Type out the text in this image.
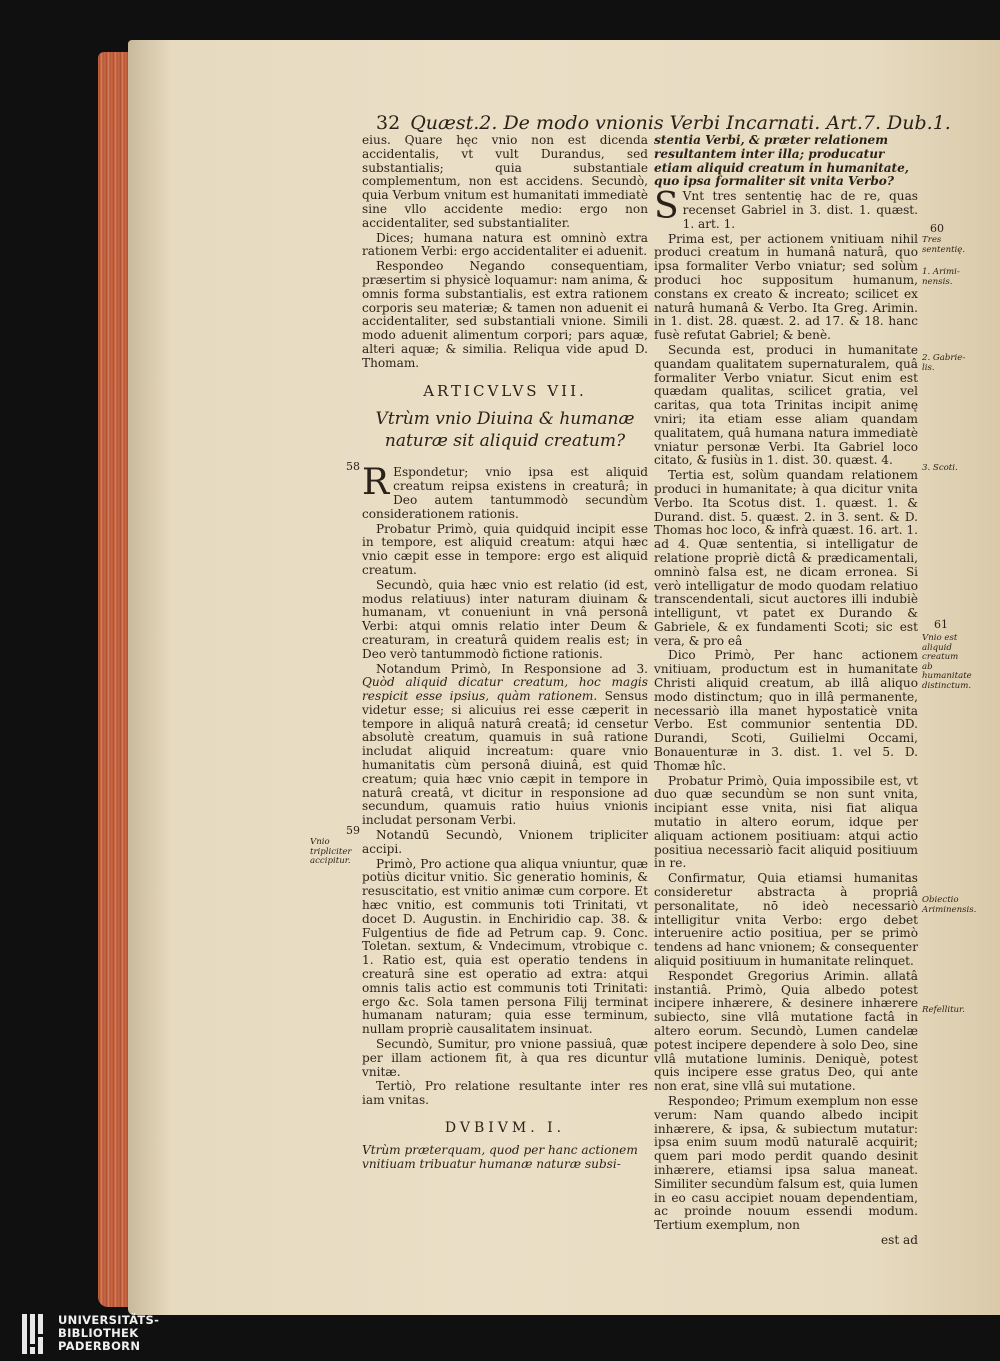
32 Quæst.2. De modo vnionis Verbi Incarnati. Art.7. Dub.1.

eius. Quare hęc vnio non est dicenda accidentalis, vt vult Durandus, sed substantialis; quia substantiale complementum, non est accidens. Secundò, quia Verbum vnitum est humanitati immediatè sine vllo accidente medio: ergo non accidentaliter, sed substantialiter.

Dices; humana natura est omninò extra rationem Verbi: ergo accidentaliter ei aduenit.

Respondeo Negando consequentiam, præsertim si physicè loquamur: nam anima, & omnis forma substantialis, est extra rationem corporis seu materiæ; & tamen non aduenit ei accidentaliter, sed substantiali vnione. Simili modo aduenit alimentum corpori; pars aquæ, alteri aquæ; & similia. Reliqua vide apud D. Thomam.

ARTICVLVS VII.
Vtrùm vnio Diuina & humanæ naturæ sit aliquid creatum?

R Espondetur; vnio ipsa est aliquid creatum reipsa existens in creaturâ; in Deo autem tantummodò secundùm considerationem rationis.

Probatur Primò, quia quidquid incipit esse in tempore, est aliquid creatum: atqui hæc vnio cæpit esse in tempore: ergo est aliquid creatum.

Secundò, quia hæc vnio est relatio (id est, modus relatiuus) inter naturam diuinam & humanam, vt conueniunt in vnâ personâ Verbi: atqui omnis relatio inter Deum & creaturam, in creaturâ quidem realis est; in Deo verò tantummodò fictione rationis.

Notandum Primò, In Responsione ad 3. Quòd aliquid dicatur creatum, hoc magis respicit esse ipsius, quàm rationem. Sensus videtur esse; si alicuius rei esse cæperit in tempore in aliquâ naturâ creatâ; id censetur absolutè creatum, quamuis in suâ ratione includat aliquid increatum: quare vnio humanitatis cùm personâ diuinâ, est quid creatum; quia hæc vnio cæpit in tempore in naturâ creatâ, vt dicitur in responsione ad secundum, quamuis ratio huius vnionis includat personam Verbi.

Notandū Secundò, Vnionem tripliciter accipi.

Primò, Pro actione qua aliqua vniuntur, quæ potiùs dicitur vnitio. Sic generatio hominis, & resuscitatio, est vnitio animæ cum corpore. Et hæc vnitio, est communis toti Trinitati, vt docet D. Augustin. in Enchiridio cap. 38. & Fulgentius de fide ad Petrum cap. 9. Conc. Toletan. sextum, & Vndecimum, vtrobique c. 1. Ratio est, quia est operatio tendens in creaturâ sine est operatio ad extra: atqui omnis talis actio est communis toti Trinitati: ergo &c. Sola tamen persona Filij terminat humanam naturam; quia esse terminum, nullam propriè causalitatem insinuat.

Secundò, Sumitur, pro vnione passiuâ, quæ per illam actionem fit, à qua res dicuntur vnitæ.

Tertiò, Pro relatione resultante inter res iam vnitas.

DVBIVM. I.

Vtrùm præterquam, quod per hanc actionem vnitiuam tribuatur humanæ naturæ subsi-

stentia Verbi, & præter relationem resultantem inter illa; producatur etiam aliquid creatum in humanitate, quo ipsa formaliter sit vnita Verbo?

S Vnt tres sententię hac de re, quas recenset Gabriel in 3. dist. 1. quæst. 1. art. 1.

Prima est, per actionem vnitiuam nihil produci creatum in humanâ naturâ, quo ipsa formaliter Verbo vniatur; sed solùm produci hoc suppositum humanum, constans ex creato & increato; scilicet ex naturâ humanâ & Verbo. Ita Greg. Arimin. in 1. dist. 28. quæst. 2. ad 17. & 18. hanc fusè refutat Gabriel; & benè.

Secunda est, produci in humanitate quandam qualitatem supernaturalem, quâ formaliter Verbo vniatur. Sicut enim est quædam qualitas, scilicet gratia, vel caritas, qua tota Trinitas incipit animę vniri; ita etiam esse aliam quandam qualitatem, quâ humana natura immediatè vniatur personæ Verbi. Ita Gabriel loco citato, & fusiùs in 1. dist. 30. quæst. 4.

Tertia est, solùm quandam relationem produci in humanitate; à qua dicitur vnita Verbo. Ita Scotus dist. 1. quæst. 1. & Durand. dist. 5. quæst. 2. in 3. sent. & D. Thomas hoc loco, & infrà quæst. 16. art. 1. ad 4. Quæ sententia, si intelligatur de relatione propriè dictâ & prædicamentali, omninò falsa est, ne dicam erronea. Si verò intelligatur de modo quodam relatiuo transcendentali, sicut auctores illi indubiè intelligunt, vt patet ex Durando & Gabriele, & ex fundamenti Scoti; sic est vera, & pro eâ

Dico Primò, Per hanc actionem vnitiuam, productum est in humanitate Christi aliquid creatum, ab illâ aliquo modo distinctum; quo in illâ permanente, necessariò illa manet hypostaticè vnita Verbo. Est communior sententia DD. Durandi, Scoti, Guilielmi Occami, Bonauenturæ in 3. dist. 1. vel 5. D. Thomæ hîc.

Probatur Primò, Quia impossibile est, vt duo quæ secundùm se non sunt vnita, incipiant esse vnita, nisi fiat aliqua mutatio in altero eorum, idque per aliquam actionem positiuam: atqui actio positiua necessariò facit aliquid positiuum in re.

Confirmatur, Quia etiamsi humanitas consideretur abstracta à propriâ personalitate, nō ideò necessariò intelligitur vnita Verbo: ergo debet interuenire actio positiua, per se primò tendens ad hanc vnionem; & consequenter aliquid positiuum in humanitate relinquet.

Respondet Gregorius Arimin. allatâ instantiâ. Primò, Quia albedo potest incipere inhærere, & desinere inhærere subiecto, sine vllâ mutatione factâ in altero eorum. Secundò, Lumen candelæ potest incipere dependere à solo Deo, sine vllâ mutatione luminis. Deniquè, potest quis incipere esse gratus Deo, qui ante non erat, sine vllâ sui mutatione.

Respondeo; Primum exemplum non esse verum: Nam quando albedo incipit inhærere, & ipsa, & subiectum mutatur: ipsa enim suum modū naturalē acquirit; quem pari modo perdit quando desinit inhærere, etiamsi ipsa salua maneat. Similiter secundùm falsum est, quia lumen in eo casu accipiet nouam dependentiam, ac proinde nouum essendi modum. Tertium exemplum, non

est ad
58
59
Vnio tripliciter accipitur.
60
Tres sententię.
1. Arimi-nensis.
2. Gabrie-lis.
3. Scoti.
61
Vnio est aliquid creatum ab humanitate distinctum.
Obiectio Ariminensis.
Refellitur.
UNIVERSITÄTS-
BIBLIOTHEK
PADERBORN
